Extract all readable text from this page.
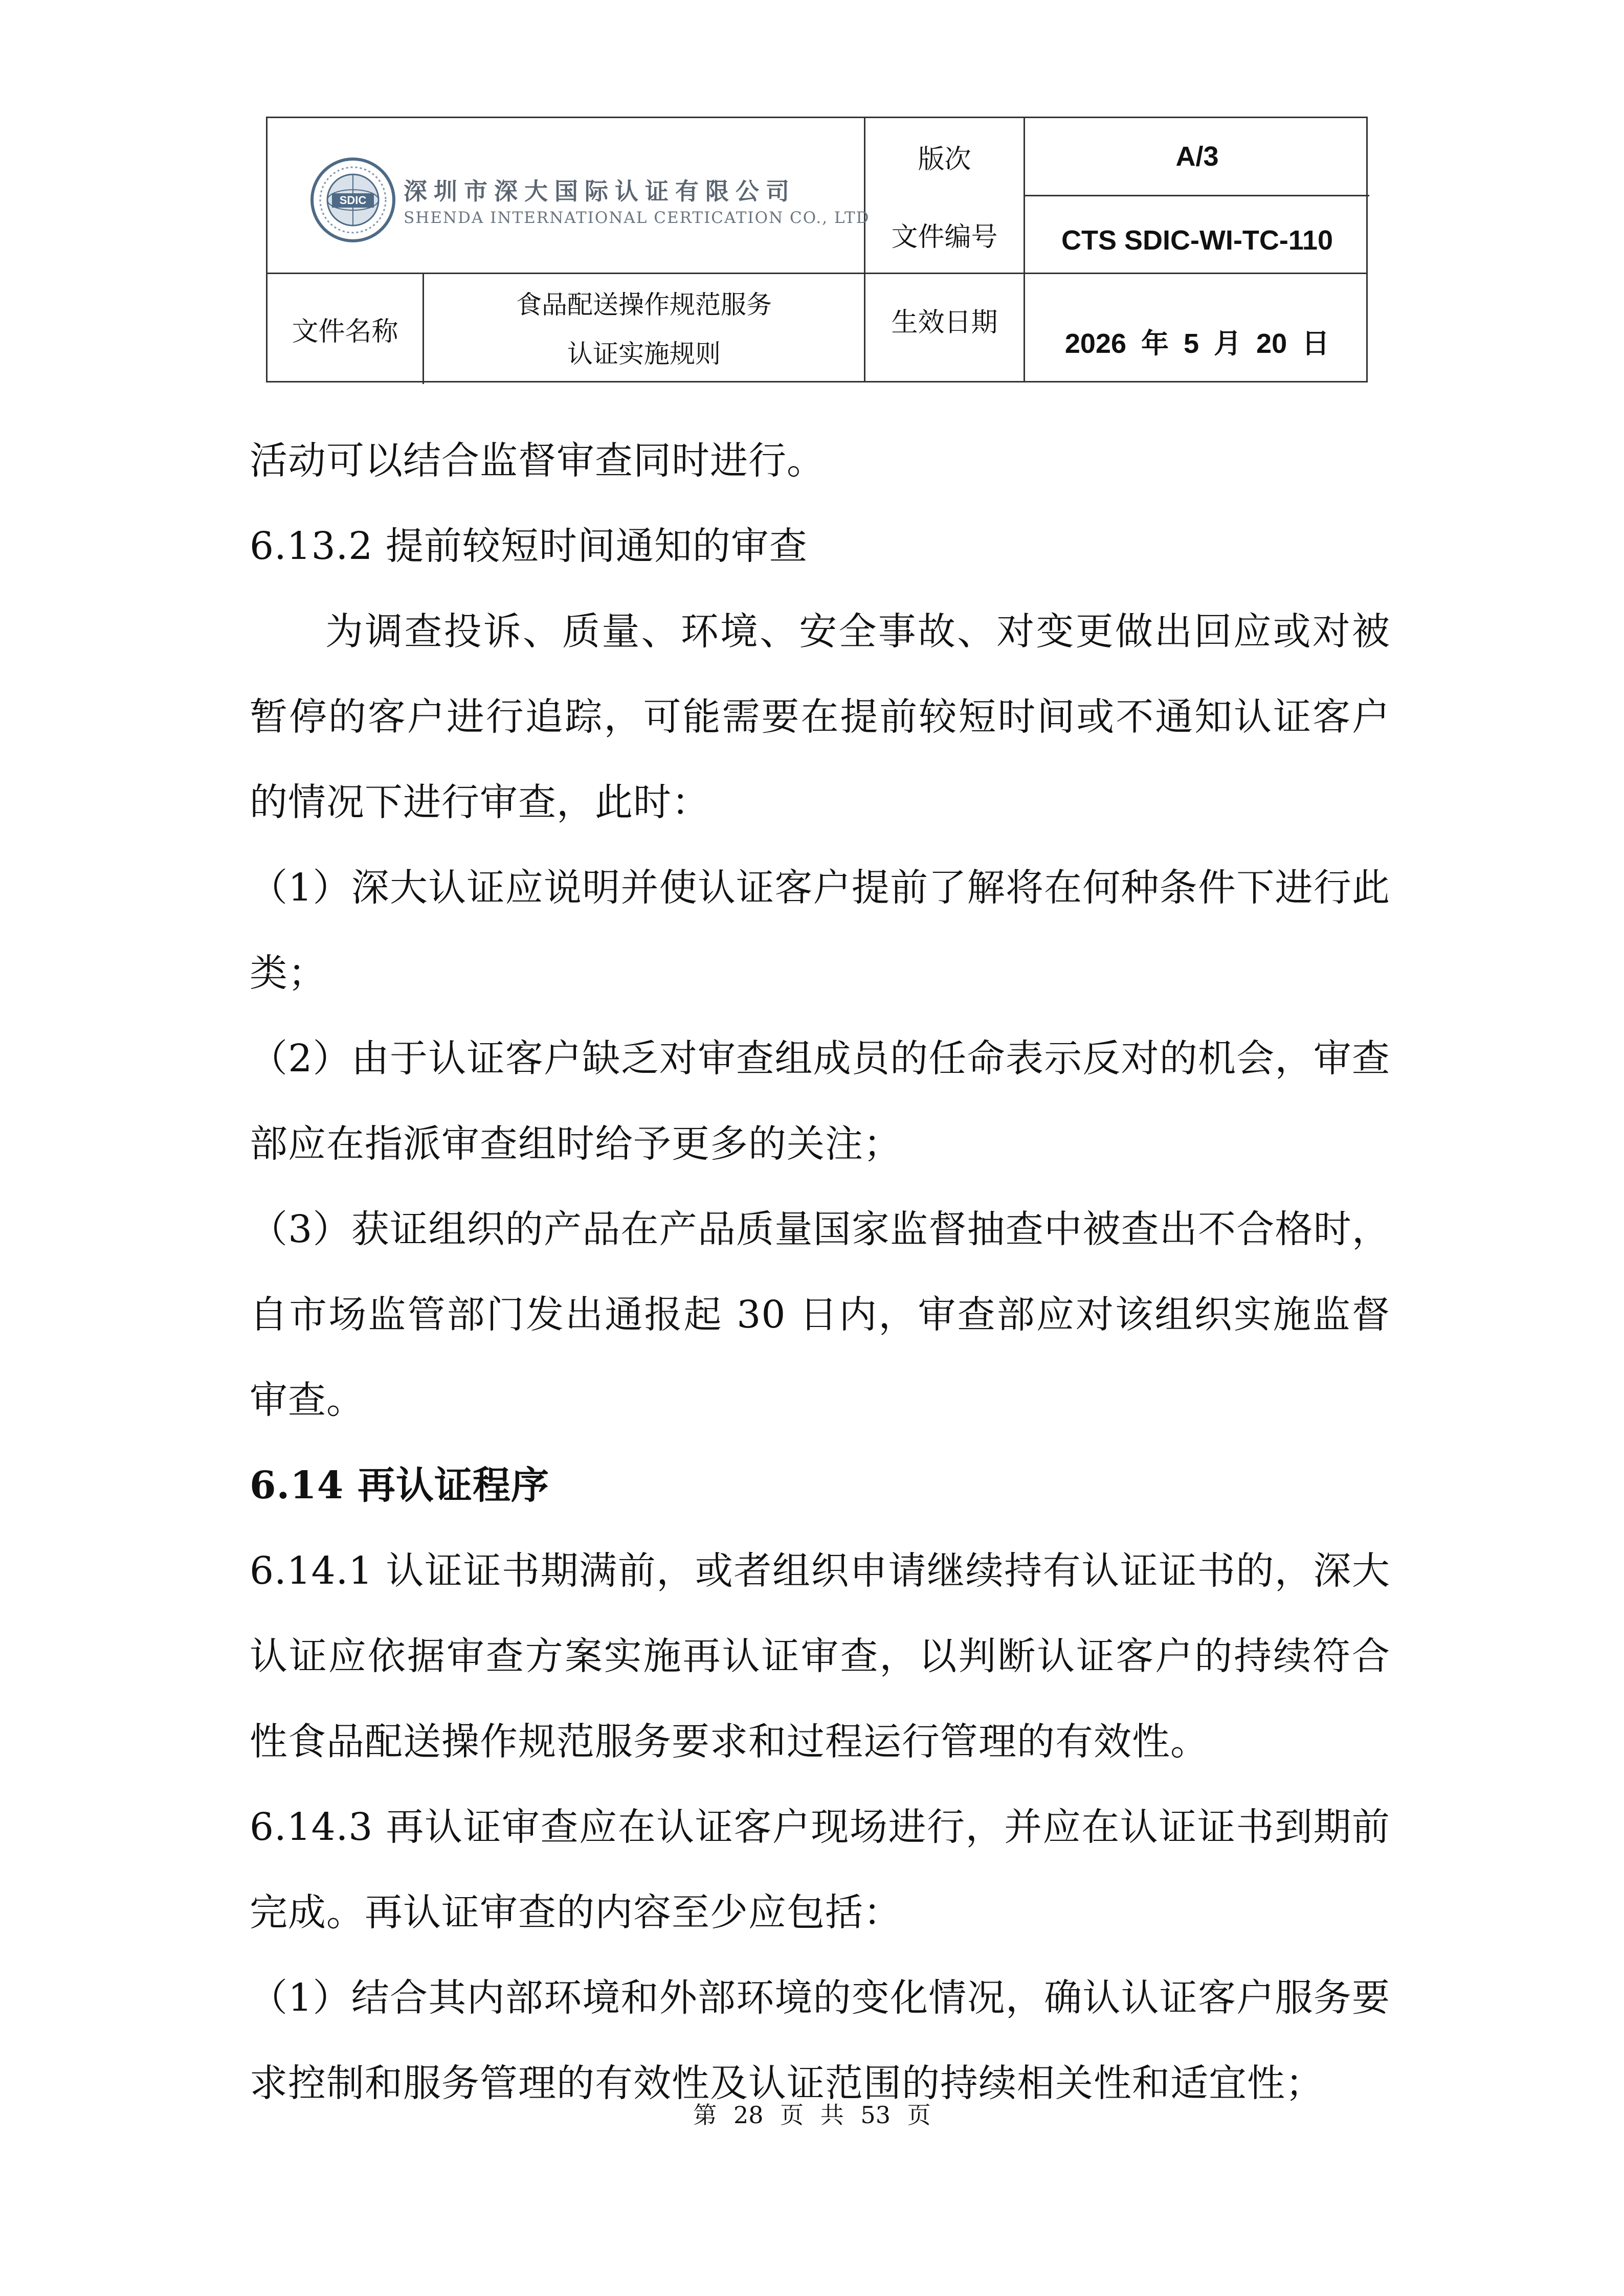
SDIC 深圳市深大国际认证有限公司
SHENDA INTERNATIONAL CERTICATION CO., LTD
版次	A/3
文件编号	CTS SDIC-WI-TC-110
文件名称
食品配送操作规范服务
认证实施规则
生效日期
2026 年 5 月 20 日

活动可以结合监督审查同时进行。

6.13.2 提前较短时间通知的审查

为调查投诉、质量、环境、安全事故、对变更做出回应或对被暂停的客户进行追踪，可能需要在提前较短时间或不通知认证客户的情况下进行审查，此时：

（1）深大认证应说明并使认证客户提前了解将在何种条件下进行此类；

（2）由于认证客户缺乏对审查组成员的任命表示反对的机会，审查部应在指派审查组时给予更多的关注；

（3）获证组织的产品在产品质量国家监督抽查中被查出不合格时，自市场监管部门发出通报起 30 日内，审查部应对该组织实施监督审查。

6.14 再认证程序

6.14.1 认证证书期满前，或者组织申请继续持有认证证书的，深大认证应依据审查方案实施再认证审查，以判断认证客户的持续符合性食品配送操作规范服务要求和过程运行管理的有效性。

6.14.3 再认证审查应在认证客户现场进行，并应在认证证书到期前完成。再认证审查的内容至少应包括：

（1）结合其内部环境和外部环境的变化情况，确认认证客户服务要求控制和服务管理的有效性及认证范围的持续相关性和适宜性；

第 28 页 共 53 页
